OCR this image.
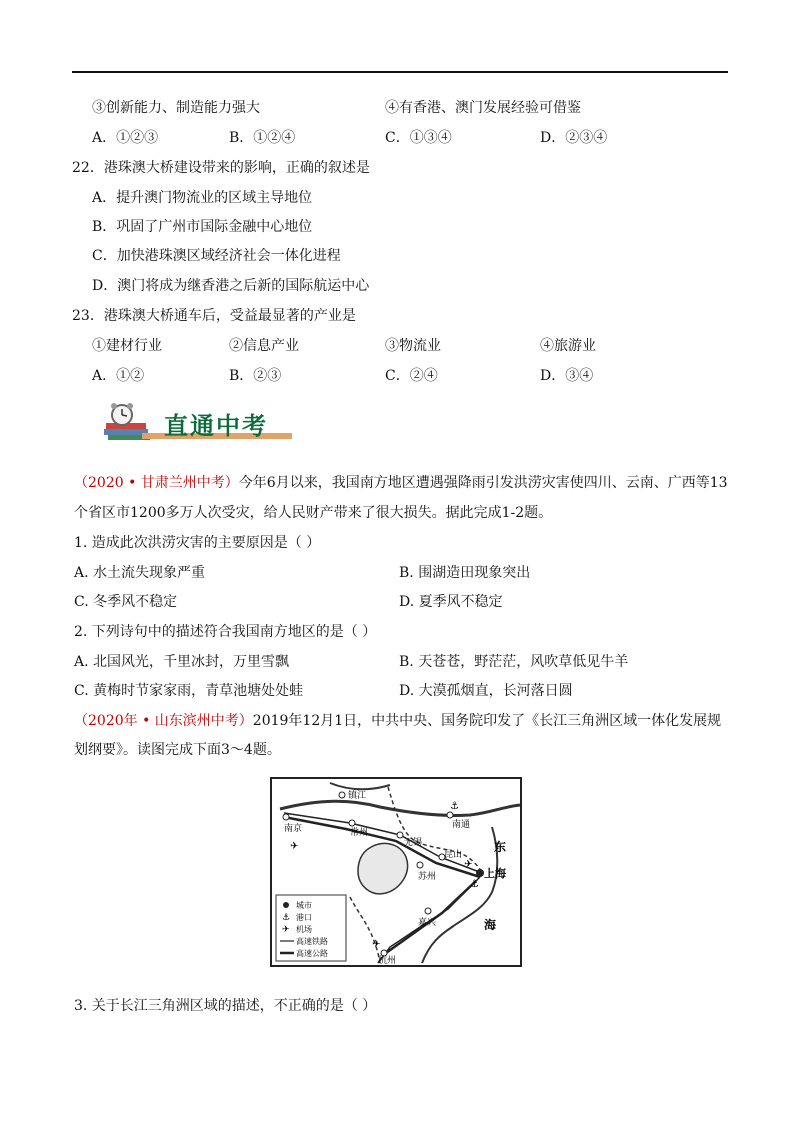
③创新能力、制造能力强大	④有香港、澳门发展经验可借鉴
A．①②③	B．①②④	C．①③④	D．②③④
22．港珠澳大桥建设带来的影响，正确的叙述是
A．提升澳门物流业的区域主导地位
B．巩固了广州市国际金融中心地位
C．加快港珠澳区域经济社会一体化进程
D．澳门将成为继香港之后新的国际航运中心
23．港珠澳大桥通车后，受益最显著的产业是
①建材行业	②信息产业	③物流业	④旅游业
A．①②	B．②③	C．②④	D．③④
直通中考
（2020 • 甘肃兰州中考）今年6月以来，我国南方地区遭遇强降雨引发洪涝灾害使四川、云南、广西等13
个省区市1200多万人次受灾，给人民财产带来了很大损失。据此完成1-2题。
1. 造成此次洪涝灾害的主要原因是（ ）
A. 水土流失现象严重	B. 围湖造田现象突出
C. 冬季风不稳定	D. 夏季风不稳定
2. 下列诗句中的描述符合我国南方地区的是（ ）
A. 北国风光，千里冰封，万里雪飘	B. 天苍苍，野茫茫，风吹草低见牛羊
C. 黄梅时节家家雨，青草池塘处处蛙	D. 大漠孤烟直，长河落日圆
（2020年 • 山东滨州中考）2019年12月1日，中共中央、国务院印发了《长江三角洲区域一体化发展规
划纲要》。读图完成下面3～4题。
城市
⚓ 港口
✈ 机场
高速铁路
高速公路
镇江
南京	常州
南通
无锡
昆山
苏州	上海
嘉兴
杭州
⚓
⚓
✈
✈
✈
东
海
3. 关于长江三角洲区域的描述，不正确的是（ ）
